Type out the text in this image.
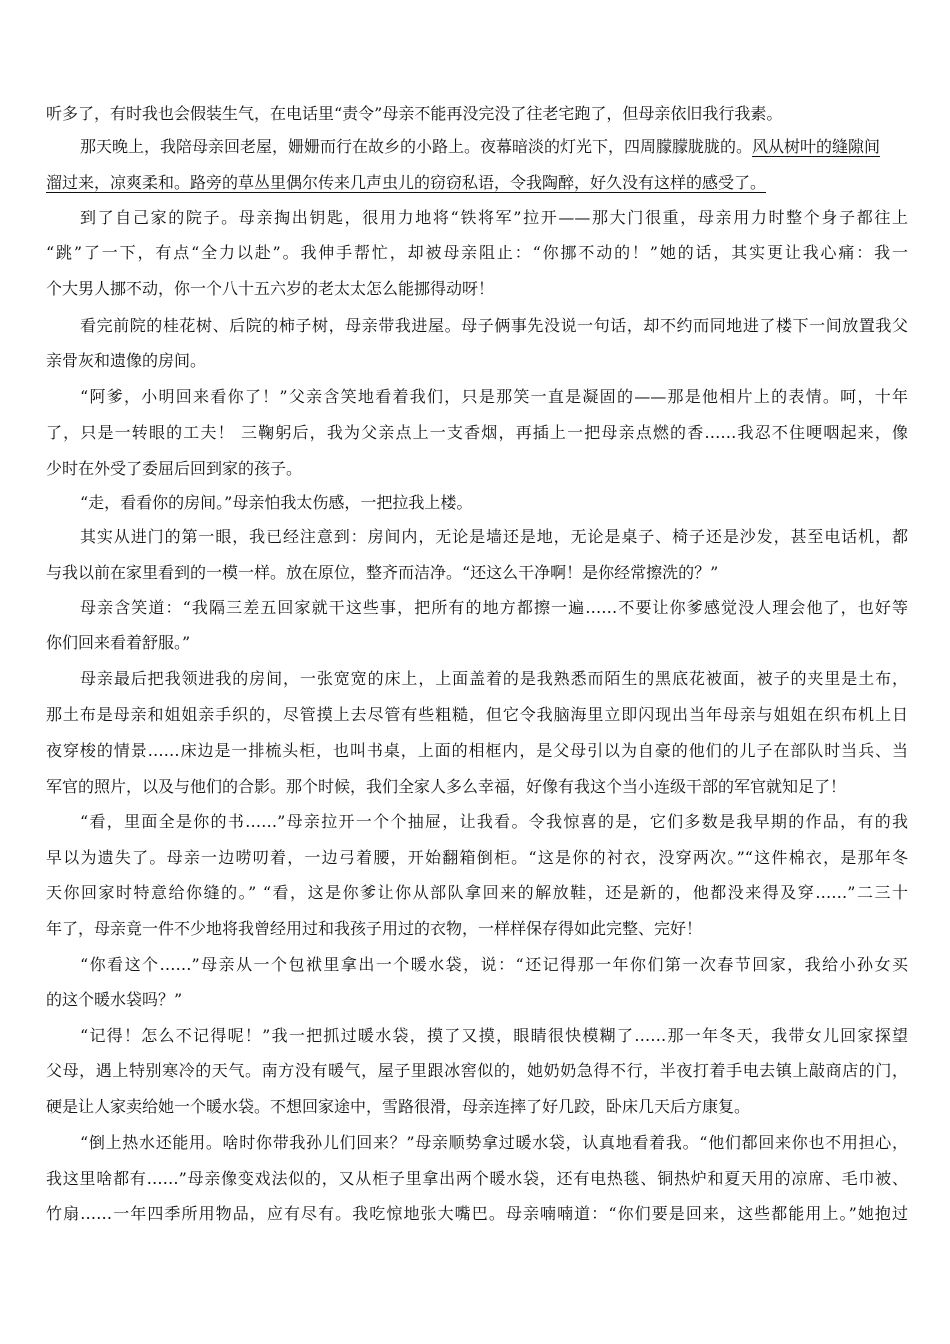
听多了，有时我也会假装生气，在电话里“责令”母亲不能再没完没了往老宅跑了，但母亲依旧我行我素。
那天晚上，我陪母亲回老屋，姗姗而行在故乡的小路上。夜幕暗淡的灯光下，四周朦朦胧胧的。风从树叶的缝隙间
溜过来，凉爽柔和。路旁的草丛里偶尔传来几声虫儿的窃窃私语，令我陶醉，好久没有这样的感受了。
到了自己家的院子。母亲掏出钥匙，很用力地将“铁将军”拉开——那大门很重，母亲用力时整个身子都往上
“跳”了一下，有点“全力以赴”。我伸手帮忙，却被母亲阻止：“你挪不动的！”她的话，其实更让我心痛：我一
个大男人挪不动，你一个八十五六岁的老太太怎么能挪得动呀！
看完前院的桂花树、后院的柿子树，母亲带我进屋。母子俩事先没说一句话，却不约而同地进了楼下一间放置我父
亲骨灰和遗像的房间。
“阿爹，小明回来看你了！”父亲含笑地看着我们，只是那笑一直是凝固的——那是他相片上的表情。呵，十年
了，只是一转眼的工夫！ 三鞠躬后，我为父亲点上一支香烟，再插上一把母亲点燃的香……我忍不住哽咽起来，像
少时在外受了委屈后回到家的孩子。
“走，看看你的房间。”母亲怕我太伤感，一把拉我上楼。
其实从进门的第一眼，我已经注意到：房间内，无论是墙还是地，无论是桌子、椅子还是沙发，甚至电话机，都
与我以前在家里看到的一模一样。放在原位，整齐而洁净。“还这么干净啊！是你经常擦洗的？”
母亲含笑道：“我隔三差五回家就干这些事，把所有的地方都擦一遍……不要让你爹感觉没人理会他了，也好等
你们回来看着舒服。”
母亲最后把我领进我的房间，一张宽宽的床上，上面盖着的是我熟悉而陌生的黑底花被面，被子的夹里是土布，
那土布是母亲和姐姐亲手织的，尽管摸上去尽管有些粗糙，但它令我脑海里立即闪现出当年母亲与姐姐在织布机上日
夜穿梭的情景……床边是一排梳头柜，也叫书桌，上面的相框内，是父母引以为自豪的他们的儿子在部队时当兵、当
军官的照片，以及与他们的合影。那个时候，我们全家人多么幸福，好像有我这个当小连级干部的军官就知足了！
“看，里面全是你的书……”母亲拉开一个个抽屉，让我看。令我惊喜的是，它们多数是我早期的作品，有的我
早以为遗失了。母亲一边唠叨着，一边弓着腰，开始翻箱倒柜。“这是你的衬衣，没穿两次。”“这件棉衣，是那年冬
天你回家时特意给你缝的。” “看，这是你爹让你从部队拿回来的解放鞋，还是新的，他都没来得及穿……”二三十
年了，母亲竟一件不少地将我曾经用过和我孩子用过的衣物，一样样保存得如此完整、完好！
“你看这个……”母亲从一个包袱里拿出一个暖水袋，说：“还记得那一年你们第一次春节回家，我给小孙女买
的这个暖水袋吗？”
“记得！怎么不记得呢！”我一把抓过暖水袋，摸了又摸，眼睛很快模糊了……那一年冬天，我带女儿回家探望
父母，遇上特别寒冷的天气。南方没有暖气，屋子里跟冰窖似的，她奶奶急得不行，半夜打着手电去镇上敲商店的门，
硬是让人家卖给她一个暖水袋。不想回家途中，雪路很滑，母亲连摔了好几跤，卧床几天后方康复。
“倒上热水还能用。啥时你带我孙儿们回来？”母亲顺势拿过暖水袋，认真地看着我。“他们都回来你也不用担心，
我这里啥都有……”母亲像变戏法似的，又从柜子里拿出两个暖水袋，还有电热毯、铜热炉和夏天用的凉席、毛巾被、
竹扇……一年四季所用物品，应有尽有。我吃惊地张大嘴巴。母亲喃喃道：“你们要是回来，这些都能用上。”她抱过
